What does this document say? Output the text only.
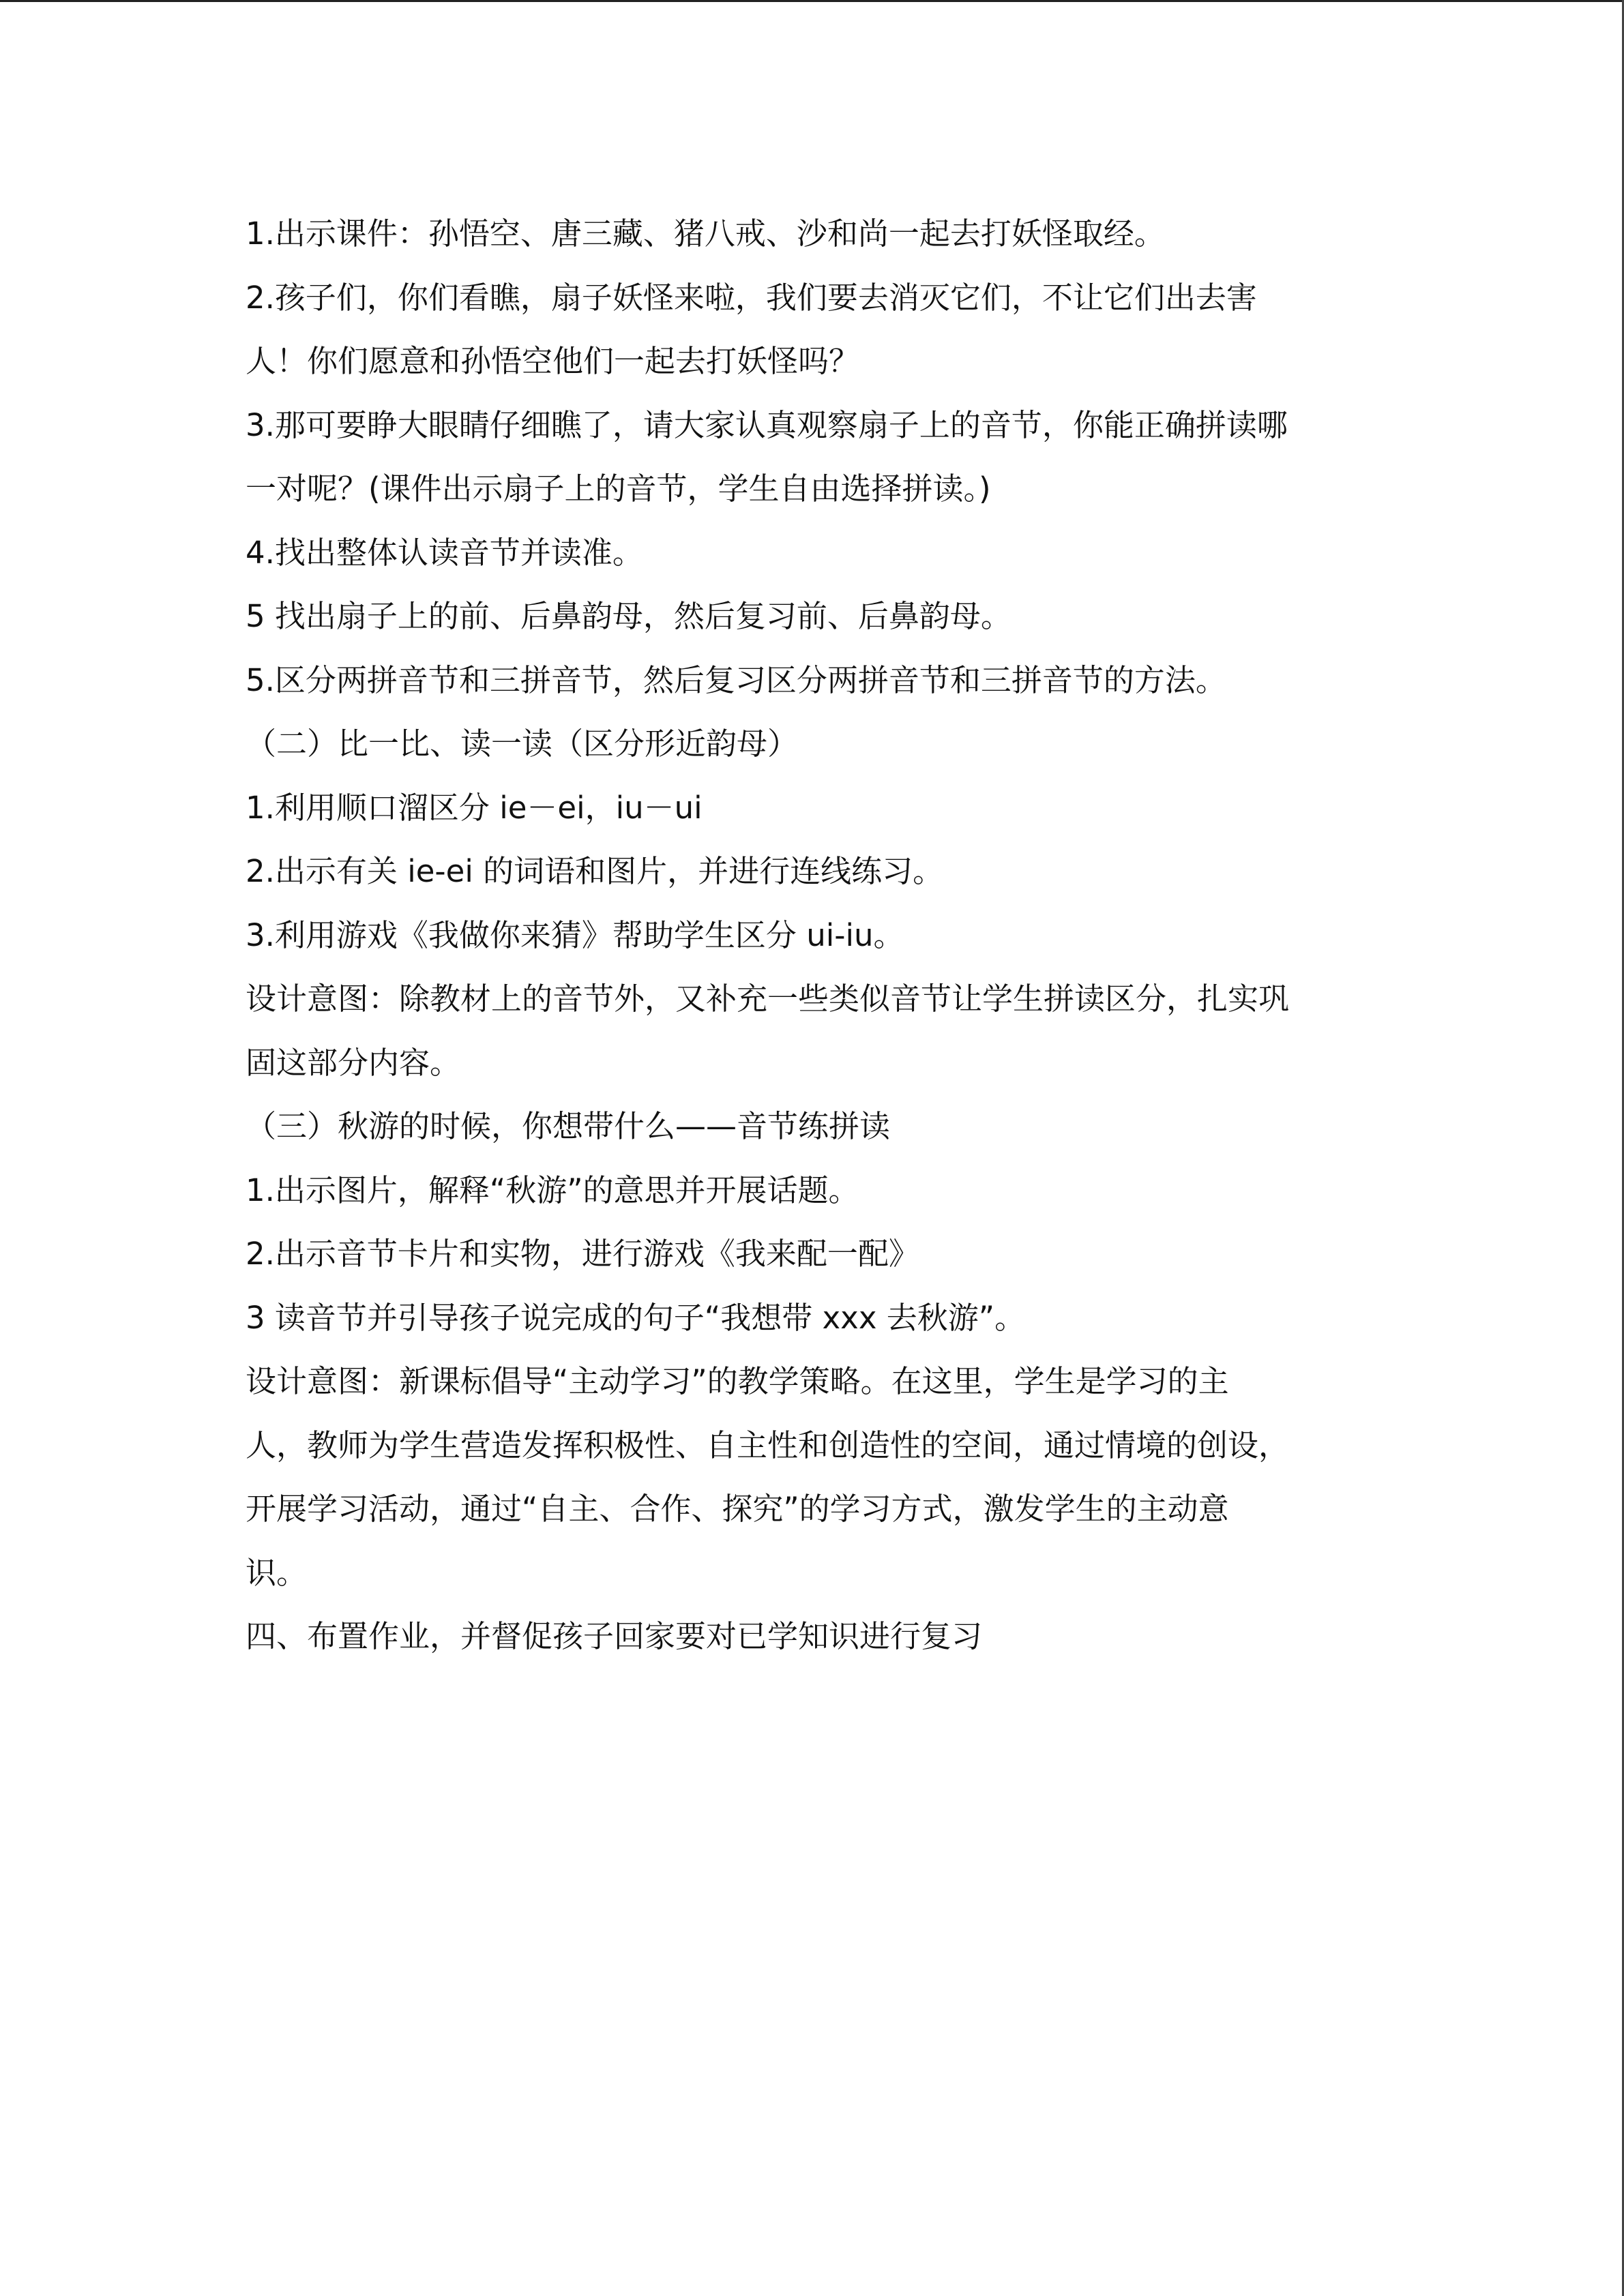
1.出示课件：孙悟空、唐三藏、猪八戒、沙和尚一起去打妖怪取经。
2.孩子们，你们看瞧，扇子妖怪来啦，我们要去消灭它们，不让它们出去害
人！你们愿意和孙悟空他们一起去打妖怪吗？
3.那可要睁大眼睛仔细瞧了，请大家认真观察扇子上的音节，你能正确拼读哪
一对呢？(课件出示扇子上的音节，学生自由选择拼读。)
4.找出整体认读音节并读准。
5 找出扇子上的前、后鼻韵母，然后复习前、后鼻韵母。
5.区分两拼音节和三拼音节，然后复习区分两拼音节和三拼音节的方法。
（二）比一比、读一读（区分形近韵母）
1.利用顺口溜区分 ie－ei，iu－ui
2.出示有关 ie-ei 的词语和图片，并进行连线练习。
3.利用游戏《我做你来猜》帮助学生区分 ui-iu。
设计意图：除教材上的音节外，又补充一些类似音节让学生拼读区分，扎实巩
固这部分内容。
（三）秋游的时候，你想带什么——音节练拼读
1.出示图片，解释“秋游”的意思并开展话题。
2.出示音节卡片和实物，进行游戏《我来配一配》
3 读音节并引导孩子说完成的句子“我想带 xxx 去秋游”。
设计意图：新课标倡导“主动学习”的教学策略。在这里，学生是学习的主
人，教师为学生营造发挥积极性、自主性和创造性的空间，通过情境的创设，
开展学习活动，通过“自主、合作、探究”的学习方式，激发学生的主动意
识。
四、布置作业，并督促孩子回家要对已学知识进行复习
